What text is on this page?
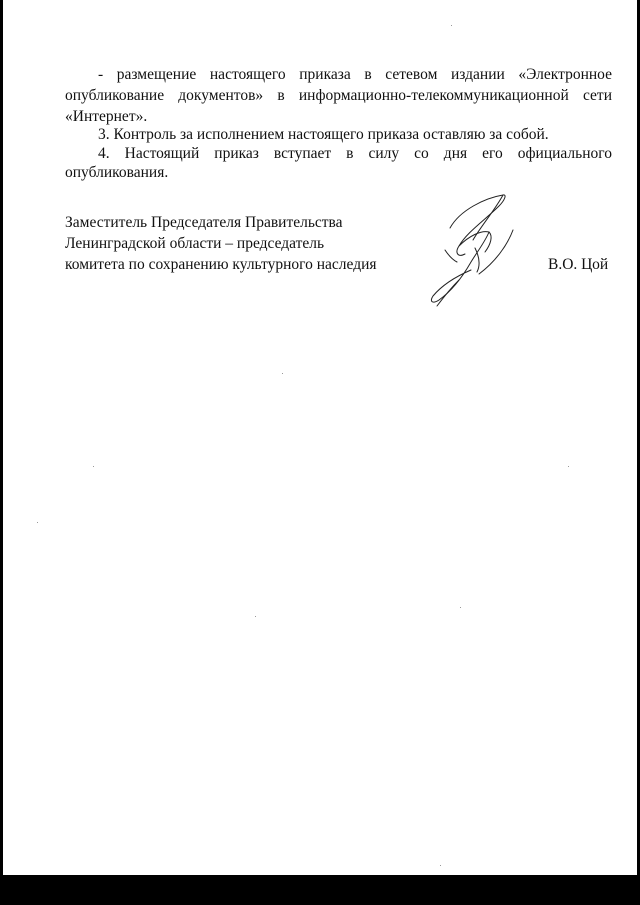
- размещение настоящего приказа в сетевом издании «Электронное
опубликование документов» в информационно-телекоммуникационной сети
«Интернет».
3. Контроль за исполнением настоящего приказа оставляю за собой.
4. Настоящий приказ вступает в силу со дня его официального
опубликования.
Заместитель Председателя Правительства
Ленинградской области – председатель
комитета по сохранению культурного наследия	В.О. Цой
